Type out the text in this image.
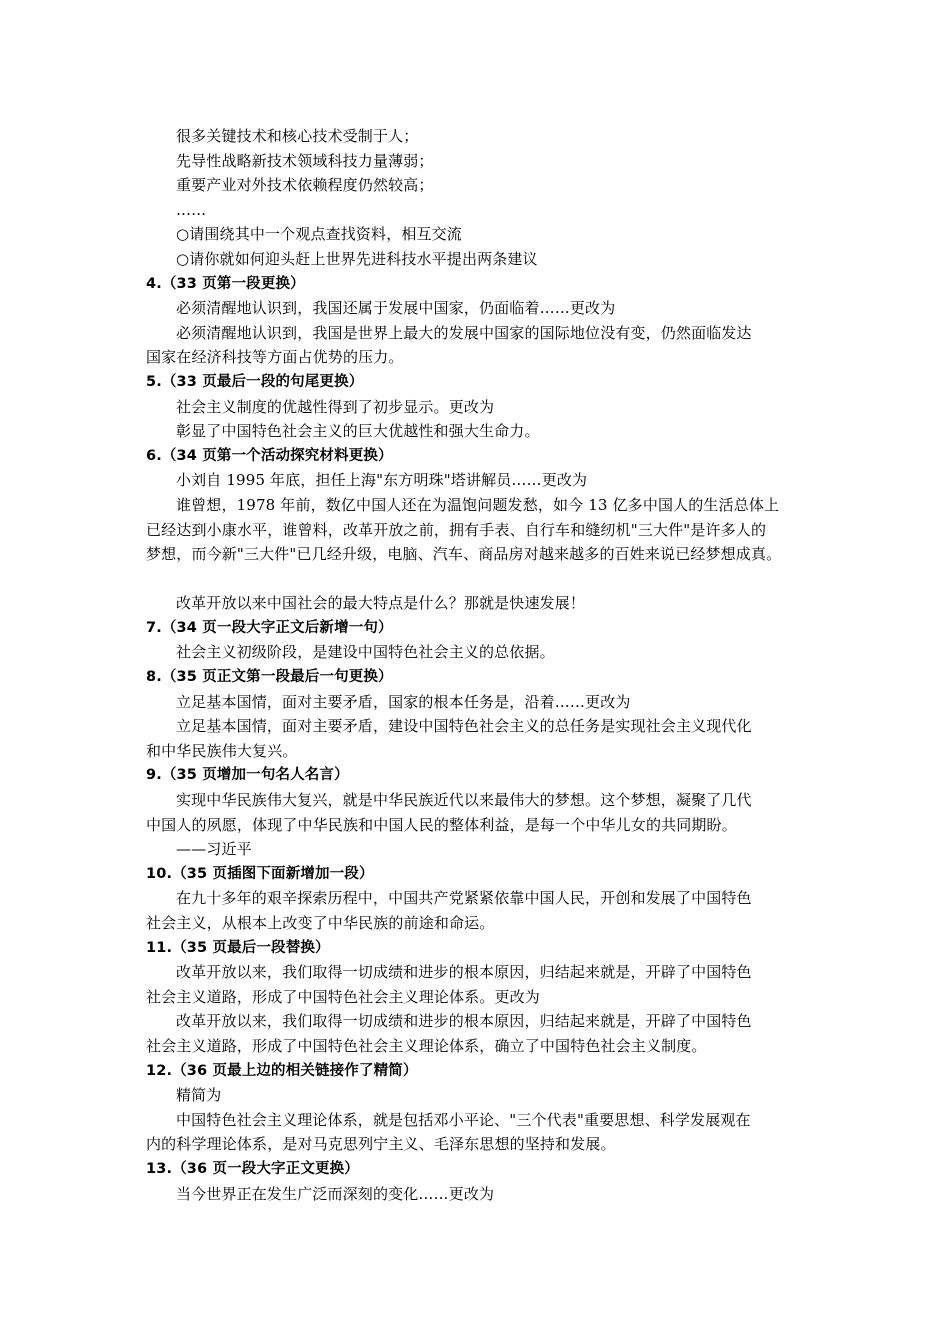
很多关键技术和核心技术受制于人；
先导性战略新技术领域科技力量薄弱；
重要产业对外技术依赖程度仍然较高；
……
○请围绕其中一个观点查找资料，相互交流
○请你就如何迎头赶上世界先进科技水平提出两条建议
4.（33 页第一段更换）
必须清醒地认识到，我国还属于发展中国家，仍面临着……更改为
必须清醒地认识到，我国是世界上最大的发展中国家的国际地位没有变，仍然面临发达
国家在经济科技等方面占优势的压力。
5.（33 页最后一段的句尾更换）
社会主义制度的优越性得到了初步显示。更改为
彰显了中国特色社会主义的巨大优越性和强大生命力。
6.（34 页第一个活动探究材料更换）
小刘自 1995 年底，担任上海"东方明珠"塔讲解员……更改为
谁曾想，1978 年前，数亿中国人还在为温饱问题发愁，如今 13 亿多中国人的生活总体上
已经达到小康水平，谁曾料，改革开放之前，拥有手表、自行车和缝纫机"三大件"是许多人的
梦想，而今新"三大件"已几经升级，电脑、汽车、商品房对越来越多的百姓来说已经梦想成真。
改革开放以来中国社会的最大特点是什么？那就是快速发展！
7.（34 页一段大字正文后新增一句）
社会主义初级阶段，是建设中国特色社会主义的总依据。
8.（35 页正文第一段最后一句更换）
立足基本国情，面对主要矛盾，国家的根本任务是，沿着……更改为
立足基本国情，面对主要矛盾，建设中国特色社会主义的总任务是实现社会主义现代化
和中华民族伟大复兴。
9.（35 页增加一句名人名言）
实现中华民族伟大复兴，就是中华民族近代以来最伟大的梦想。这个梦想，凝聚了几代
中国人的夙愿，体现了中华民族和中国人民的整体利益，是每一个中华儿女的共同期盼。
——习近平
10.（35 页插图下面新增加一段）
在九十多年的艰辛探索历程中，中国共产党紧紧依靠中国人民，开创和发展了中国特色
社会主义，从根本上改变了中华民族的前途和命运。
11.（35 页最后一段替换）
改革开放以来，我们取得一切成绩和进步的根本原因，归结起来就是，开辟了中国特色
社会主义道路，形成了中国特色社会主义理论体系。更改为
改革开放以来，我们取得一切成绩和进步的根本原因，归结起来就是，开辟了中国特色
社会主义道路，形成了中国特色社会主义理论体系，确立了中国特色社会主义制度。
12.（36 页最上边的相关链接作了精简）
精简为
中国特色社会主义理论体系，就是包括邓小平论、"三个代表"重要思想、科学发展观在
内的科学理论体系，是对马克思列宁主义、毛泽东思想的坚持和发展。
13.（36 页一段大字正文更换）
当今世界正在发生广泛而深刻的变化……更改为
